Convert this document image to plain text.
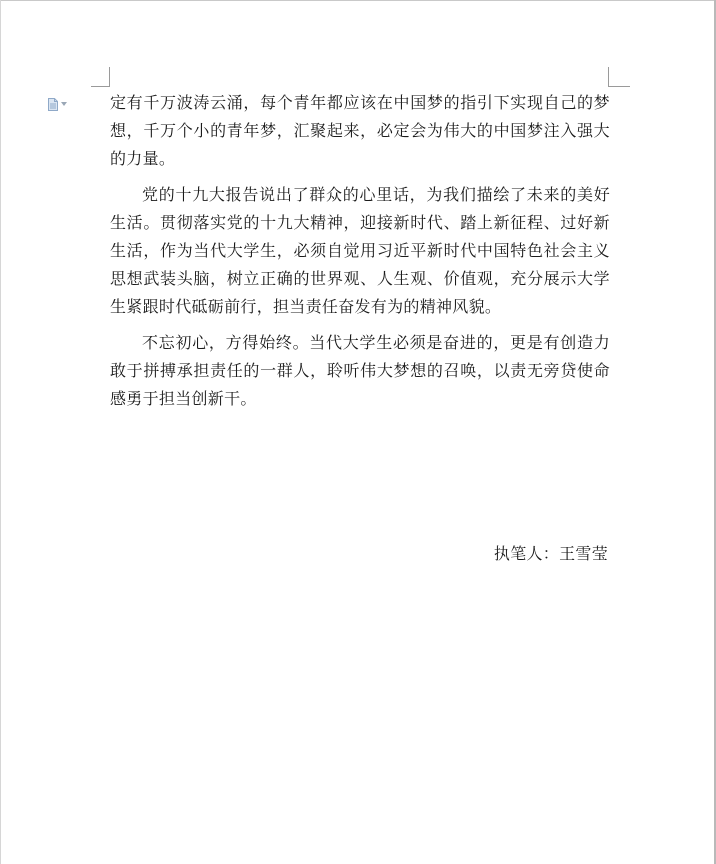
定有千万波涛云涌，每个青年都应该在中国梦的指引下实现自己的梦想，千万个小的青年梦，汇聚起来，必定会为伟大的中国梦注入强大的力量。

党的十九大报告说出了群众的心里话，为我们描绘了未来的美好生活。贯彻落实党的十九大精神，迎接新时代、踏上新征程、过好新生活，作为当代大学生，必须自觉用习近平新时代中国特色社会主义思想武装头脑，树立正确的世界观、人生观、价值观，充分展示大学生紧跟时代砥砺前行，担当责任奋发有为的精神风貌。

不忘初心，方得始终。当代大学生必须是奋进的，更是有创造力敢于拼搏承担责任的一群人，聆听伟大梦想的召唤，以责无旁贷使命感勇于担当创新干。

执笔人：王雪莹
